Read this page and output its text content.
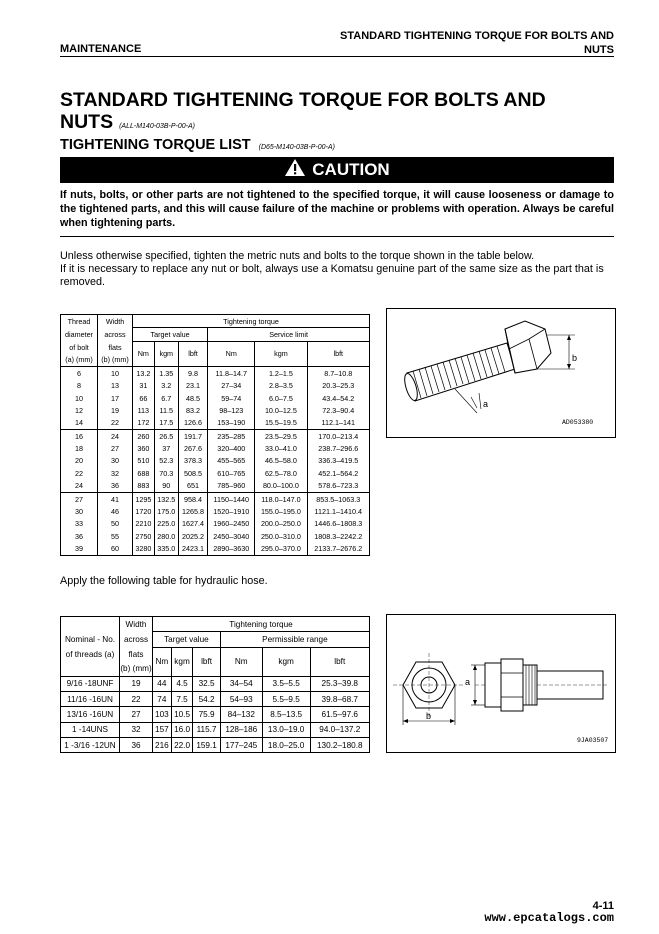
MAINTENANCE
STANDARD TIGHTENING TORQUE FOR BOLTS AND
NUTS
STANDARD TIGHTENING TORQUE FOR BOLTS AND
NUTS (ALL-M140-03B-P-00-A)
TIGHTENING TORQUE LIST (D65-M140-03B-P-00-A)
CAUTION
If nuts, bolts, or other parts are not tightened to the specified torque, it will cause looseness or damage to the tightened parts, and this will cause failure of the machine or problems with operation. Always be careful when tightening parts.

Unless otherwise specified, tighten the metric nuts and bolts to the torque shown in the table below.

If it is necessary to replace any nut or bolt, always use a Komatsu genuine part of the same size as the part that is removed.

Thread	Width	Tightening torque					
diameter	across	Target value			Service limit		
of bolt	flats	Nm	kgm	lbft	Nm	kgm	lbft
(a) (mm)	(b) (mm)						
6	10	13.2	1.35	9.8	11.8–14.7	1.2–1.5	8.7–10.8
8	13	31	3.2	23.1	27–34	2.8–3.5	20.3–25.3
10	17	66	6.7	48.5	59–74	6.0–7.5	43.4–54.2
12	19	113	11.5	83.2	98–123	10.0–12.5	72.3–90.4
14	22	172	17.5	126.6	153–190	15.5–19.5	112.1–141
16	24	260	26.5	191.7	235–285	23.5–29.5	170.0–213.4
18	27	360	37	267.6	320–400	33.0–41.0	238.7–296.6
20	30	510	52.3	378.3	455–565	46.5–58.0	336.3–419.5
22	32	688	70.3	508.5	610–765	62.5–78.0	452.1–564.2
24	36	883	90	651	785–960	80.0–100.0	578.6–723.3
27	41	1295	132.5	958.4	1150–1440	118.0–147.0	853.5–1063.3
30	46	1720	175.0	1265.8	1520–1910	155.0–195.0	1121.1–1410.4
33	50	2210	225.0	1627.4	1960–2450	200.0–250.0	1446.6–1808.3
36	55	2750	280.0	2025.2	2450–3040	250.0–310.0	1808.3–2242.2
39	60	3280	335.0	2423.1	2890–3630	295.0–370.0	2133.7–2676.2
b
a
AD053380
Apply the following table for hydraulic hose.
	Width	Tightening torque					
Nominal - No.	across	Target value			Permissible range		
of threads (a)	flats	Nm	kgm	lbft	Nm	kgm	lbft
	(b) (mm)						
9/16 -18UNF	19	44	4.5	32.5	34–54	3.5–5.5	25.3–39.8
11/16 -16UN	22	74	7.5	54.2	54–93	5.5–9.5	39.8–68.7
13/16 -16UN	27	103	10.5	75.9	84–132	8.5–13.5	61.5–97.6
1 -14UNS	32	157	16.0	115.7	128–186	13.0–19.0	94.0–137.2
1 -3/16 -12UN	36	216	22.0	159.1	177–245	18.0–25.0	130.2–180.8
a
b
9JA03507
4-11
www.epcatalogs.com
